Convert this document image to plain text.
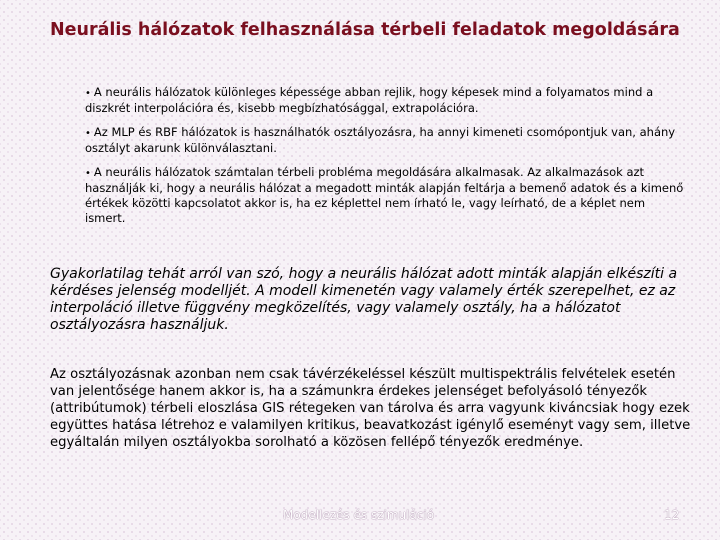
Neurális hálózatok felhasználása térbeli feladatok megoldására

• A neurális hálózatok különleges képessége abban rejlik, hogy képesek mind a folyamatos mind a diszkrét interpolációra és, kisebb megbízhatósággal, extrapolációra.

• Az MLP és RBF hálózatok is használhatók osztályozásra, ha annyi kimeneti csomópontjuk van, ahány osztályt akarunk különválasztani.

• A neurális hálózatok számtalan térbeli probléma megoldására alkalmasak. Az alkalmazások azt használják ki, hogy a neurális hálózat a megadott minták alapján feltárja a bemenő adatok és a kimenő értékek közötti kapcsolatot akkor is, ha ez képlettel nem írható le, vagy leírható, de a képlet nem ismert.

Gyakorlatilag tehát arról van szó, hogy a neurális hálózat adott minták alapján elkészíti a kérdéses jelenség modelljét. A modell kimenetén vagy valamely érték szerepelhet, ez az interpoláció illetve függvény megközelítés, vagy valamely osztály, ha a hálózatot osztályozásra használjuk.
Az osztályozásnak azonban nem csak távérzékeléssel készült multispektrális felvételek esetén van jelentősége hanem akkor is, ha a számunkra érdekes jelenséget befolyásoló tényezők (attribútumok) térbeli eloszlása GIS rétegeken van tárolva és arra vagyunk kiváncsiak hogy ezek együttes hatása létrehoz e valamilyen kritikus, beavatkozást igénylő eseményt vagy sem, illetve egyáltalán milyen osztályokba sorolható a közösen fellépő tényezők eredménye.
Modellezés és szimuláció	12
